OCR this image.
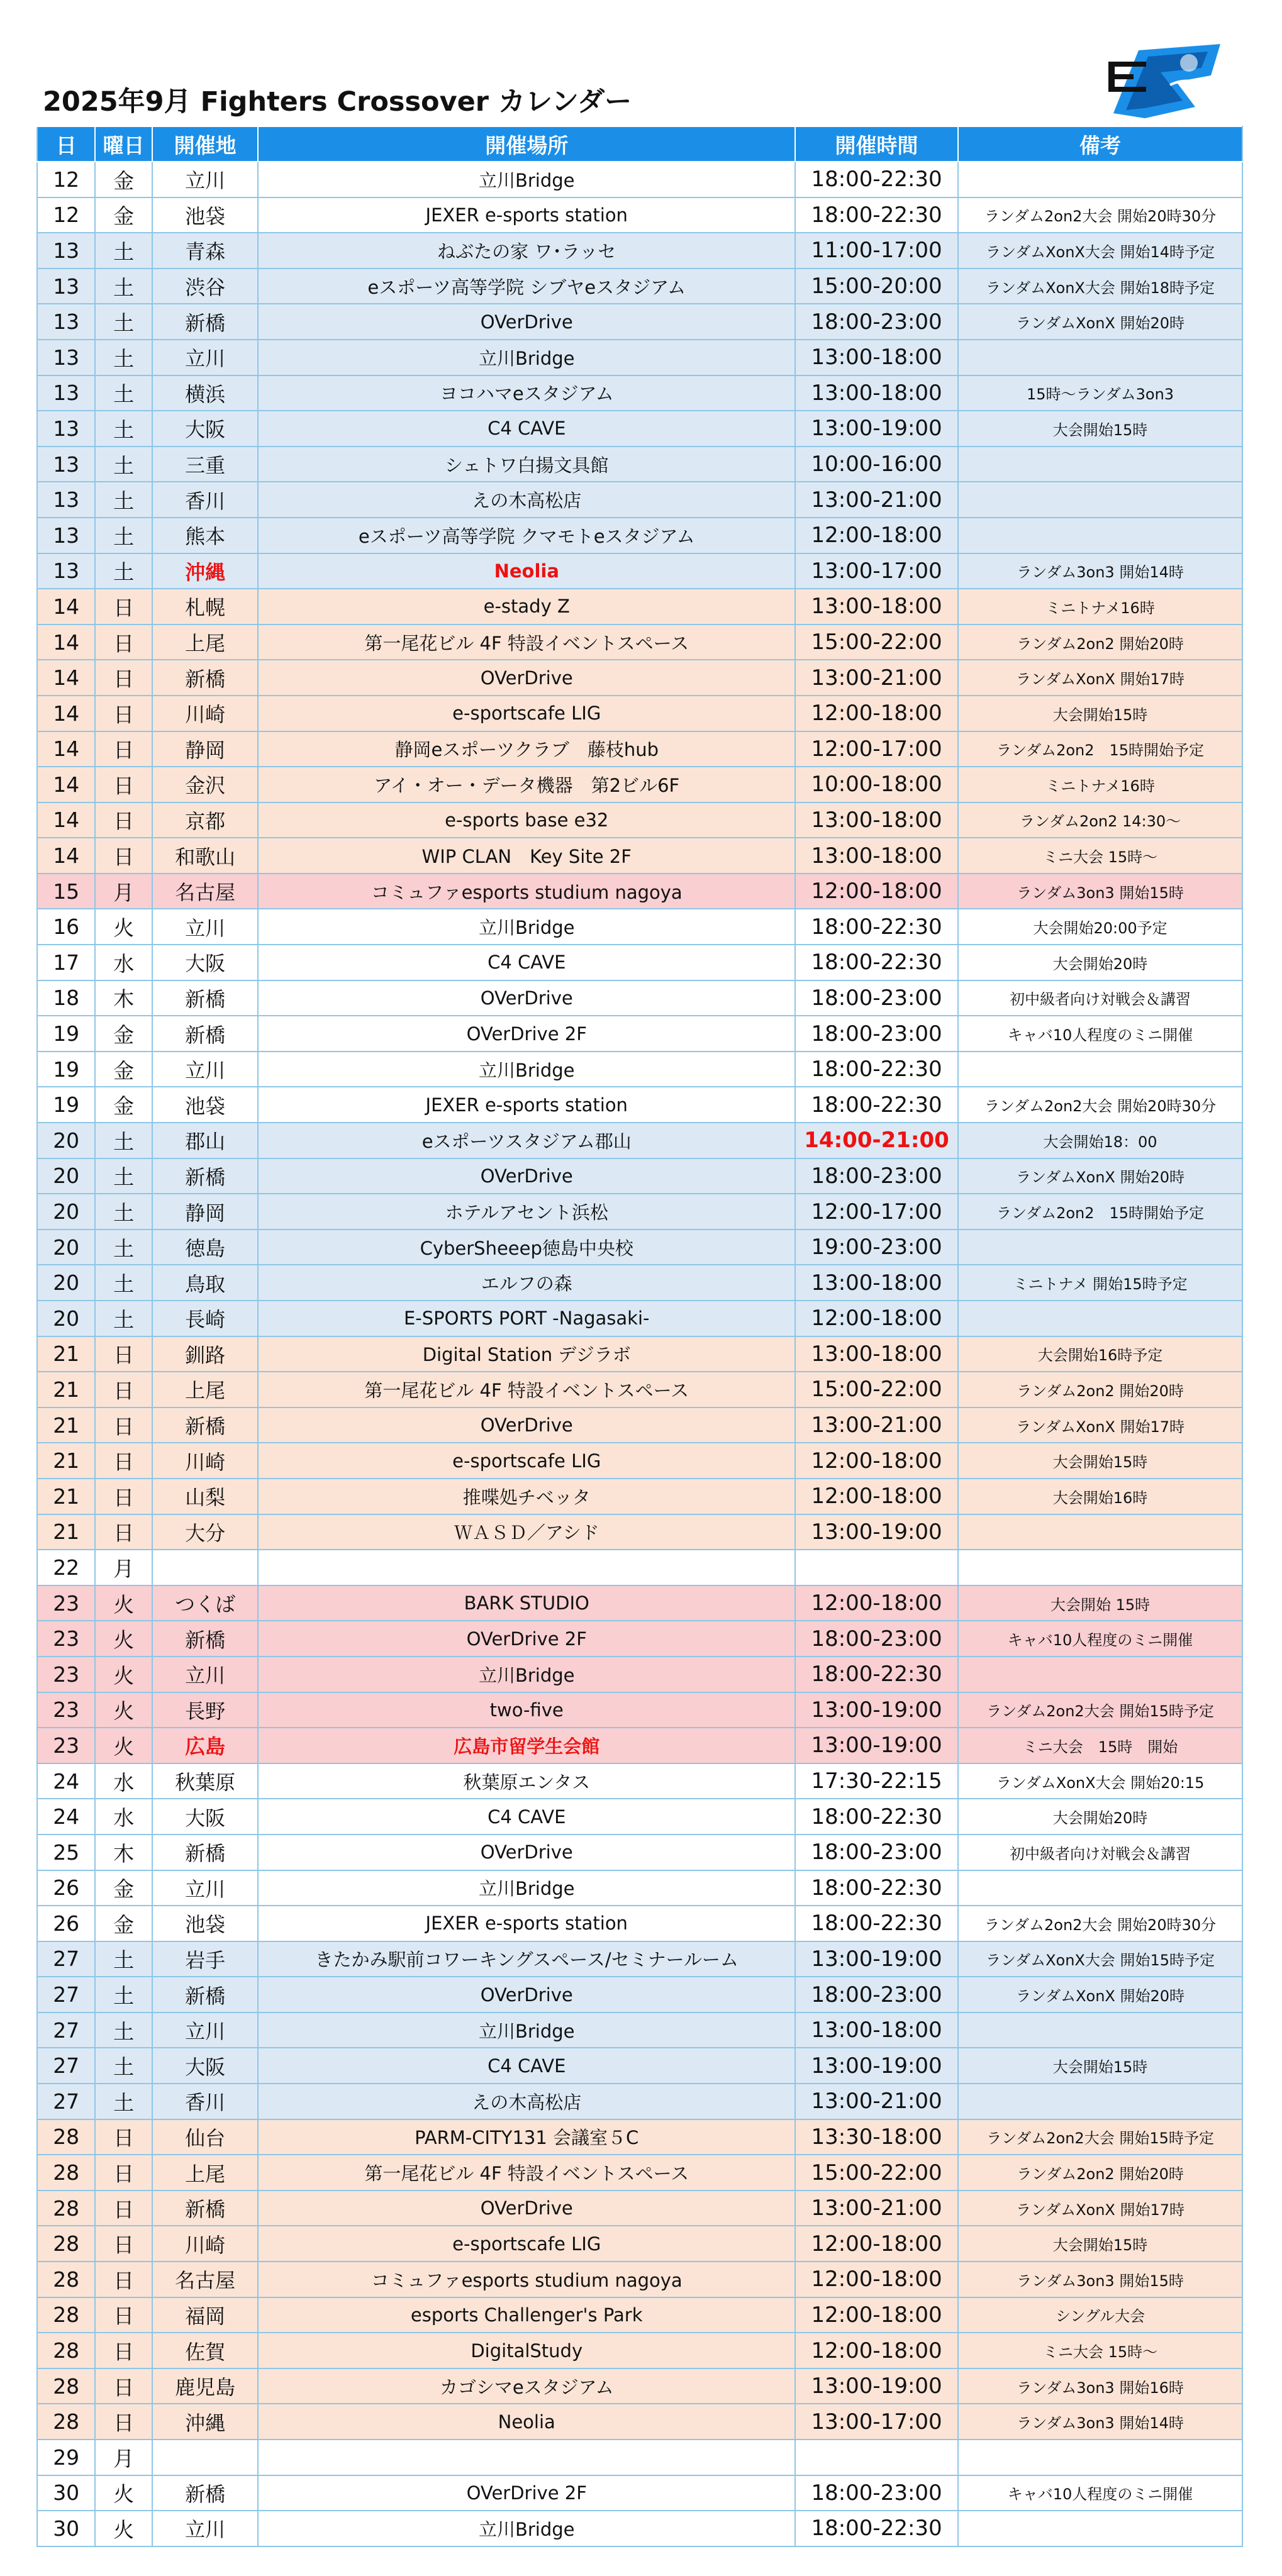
2025年9月 Fighters Crossover カレンダー
日	曜日	開催地	開催場所	開催時間	備考
12	金	立川	立川Bridge	18:00-22:30	
12	金	池袋	JEXER e-sports station	18:00-22:30	ランダム2on2大会 開始20時30分
13	土	青森	ねぶたの家 ワ･ラッセ	11:00-17:00	ランダムXonX大会 開始14時予定
13	土	渋谷	eスポーツ高等学院 シブヤeスタジアム	15:00-20:00	ランダムXonX大会 開始18時予定
13	土	新橋	OVerDrive	18:00-23:00	ランダムXonX 開始20時
13	土	立川	立川Bridge	13:00-18:00	
13	土	横浜	ヨコハマeスタジアム	13:00-18:00	15時～ランダム3on3
13	土	大阪	C4 CAVE	13:00-19:00	大会開始15時
13	土	三重	シェトワ白揚文具館	10:00-16:00	
13	土	香川	えの木高松店	13:00-21:00	
13	土	熊本	eスポーツ高等学院 クマモトeスタジアム	12:00-18:00	
13	土	沖縄	Neolia	13:00-17:00	ランダム3on3 開始14時
14	日	札幌	e-stady Z	13:00-18:00	ミニトナメ16時
14	日	上尾	第一尾花ビル 4F 特設イベントスペース	15:00-22:00	ランダム2on2 開始20時
14	日	新橋	OVerDrive	13:00-21:00	ランダムXonX 開始17時
14	日	川崎	e-sportscafe LIG	12:00-18:00	大会開始15時
14	日	静岡	静岡eスポーツクラブ　藤枝hub	12:00-17:00	ランダム2on2　15時開始予定
14	日	金沢	アイ・オー・データ機器　第2ビル6F	10:00-18:00	ミニトナメ16時
14	日	京都	e-sports base e32	13:00-18:00	ランダム2on2 14:30～
14	日	和歌山	WIP CLAN　Key Site 2F	13:00-18:00	ミニ大会 15時～
15	月	名古屋	コミュファesports studium nagoya	12:00-18:00	ランダム3on3 開始15時
16	火	立川	立川Bridge	18:00-22:30	大会開始20:00予定
17	水	大阪	C4 CAVE	18:00-22:30	大会開始20時
18	木	新橋	OVerDrive	18:00-23:00	初中級者向け対戦会＆講習
19	金	新橋	OVerDrive 2F	18:00-23:00	キャバ10人程度のミニ開催
19	金	立川	立川Bridge	18:00-22:30	
19	金	池袋	JEXER e-sports station	18:00-22:30	ランダム2on2大会 開始20時30分
20	土	郡山	eスポーツスタジアム郡山	14:00-21:00	大会開始18：00
20	土	新橋	OVerDrive	18:00-23:00	ランダムXonX 開始20時
20	土	静岡	ホテルアセント浜松	12:00-17:00	ランダム2on2　15時開始予定
20	土	徳島	CyberSheeep徳島中央校	19:00-23:00	
20	土	鳥取	エルフの森	13:00-18:00	ミニトナメ 開始15時予定
20	土	長崎	E-SPORTS PORT -Nagasaki-	12:00-18:00	
21	日	釧路	Digital Station デジラボ	13:00-18:00	大会開始16時予定
21	日	上尾	第一尾花ビル 4F 特設イベントスペース	15:00-22:00	ランダム2on2 開始20時
21	日	新橋	OVerDrive	13:00-21:00	ランダムXonX 開始17時
21	日	川崎	e-sportscafe LIG	12:00-18:00	大会開始15時
21	日	山梨	推喋処チベッタ	12:00-18:00	大会開始16時
21	日	大分	ＷＡＳＤ／アシド	13:00-19:00	
22	月				
23	火	つくば	BARK STUDIO	12:00-18:00	大会開始 15時
23	火	新橋	OVerDrive 2F	18:00-23:00	キャバ10人程度のミニ開催
23	火	立川	立川Bridge	18:00-22:30	
23	火	長野	two-five	13:00-19:00	ランダム2on2大会 開始15時予定
23	火	広島	広島市留学生会館	13:00-19:00	ミニ大会　15時　開始
24	水	秋葉原	秋葉原エンタス	17:30-22:15	ランダムXonX大会 開始20:15
24	水	大阪	C4 CAVE	18:00-22:30	大会開始20時
25	木	新橋	OVerDrive	18:00-23:00	初中級者向け対戦会＆講習
26	金	立川	立川Bridge	18:00-22:30	
26	金	池袋	JEXER e-sports station	18:00-22:30	ランダム2on2大会 開始20時30分
27	土	岩手	きたかみ駅前コワーキングスペース/セミナールーム	13:00-19:00	ランダムXonX大会 開始15時予定
27	土	新橋	OVerDrive	18:00-23:00	ランダムXonX 開始20時
27	土	立川	立川Bridge	13:00-18:00	
27	土	大阪	C4 CAVE	13:00-19:00	大会開始15時
27	土	香川	えの木高松店	13:00-21:00	
28	日	仙台	PARM-CITY131 会議室５C	13:30-18:00	ランダム2on2大会 開始15時予定
28	日	上尾	第一尾花ビル 4F 特設イベントスペース	15:00-22:00	ランダム2on2 開始20時
28	日	新橋	OVerDrive	13:00-21:00	ランダムXonX 開始17時
28	日	川崎	e-sportscafe LIG	12:00-18:00	大会開始15時
28	日	名古屋	コミュファesports studium nagoya	12:00-18:00	ランダム3on3 開始15時
28	日	福岡	esports Challenger's Park	12:00-18:00	シングル大会
28	日	佐賀	DigitalStudy	12:00-18:00	ミニ大会 15時～
28	日	鹿児島	カゴシマeスタジアム	13:00-19:00	ランダム3on3 開始16時
28	日	沖縄	Neolia	13:00-17:00	ランダム3on3 開始14時
29	月				
30	火	新橋	OVerDrive 2F	18:00-23:00	キャバ10人程度のミニ開催
30	火	立川	立川Bridge	18:00-22:30	
